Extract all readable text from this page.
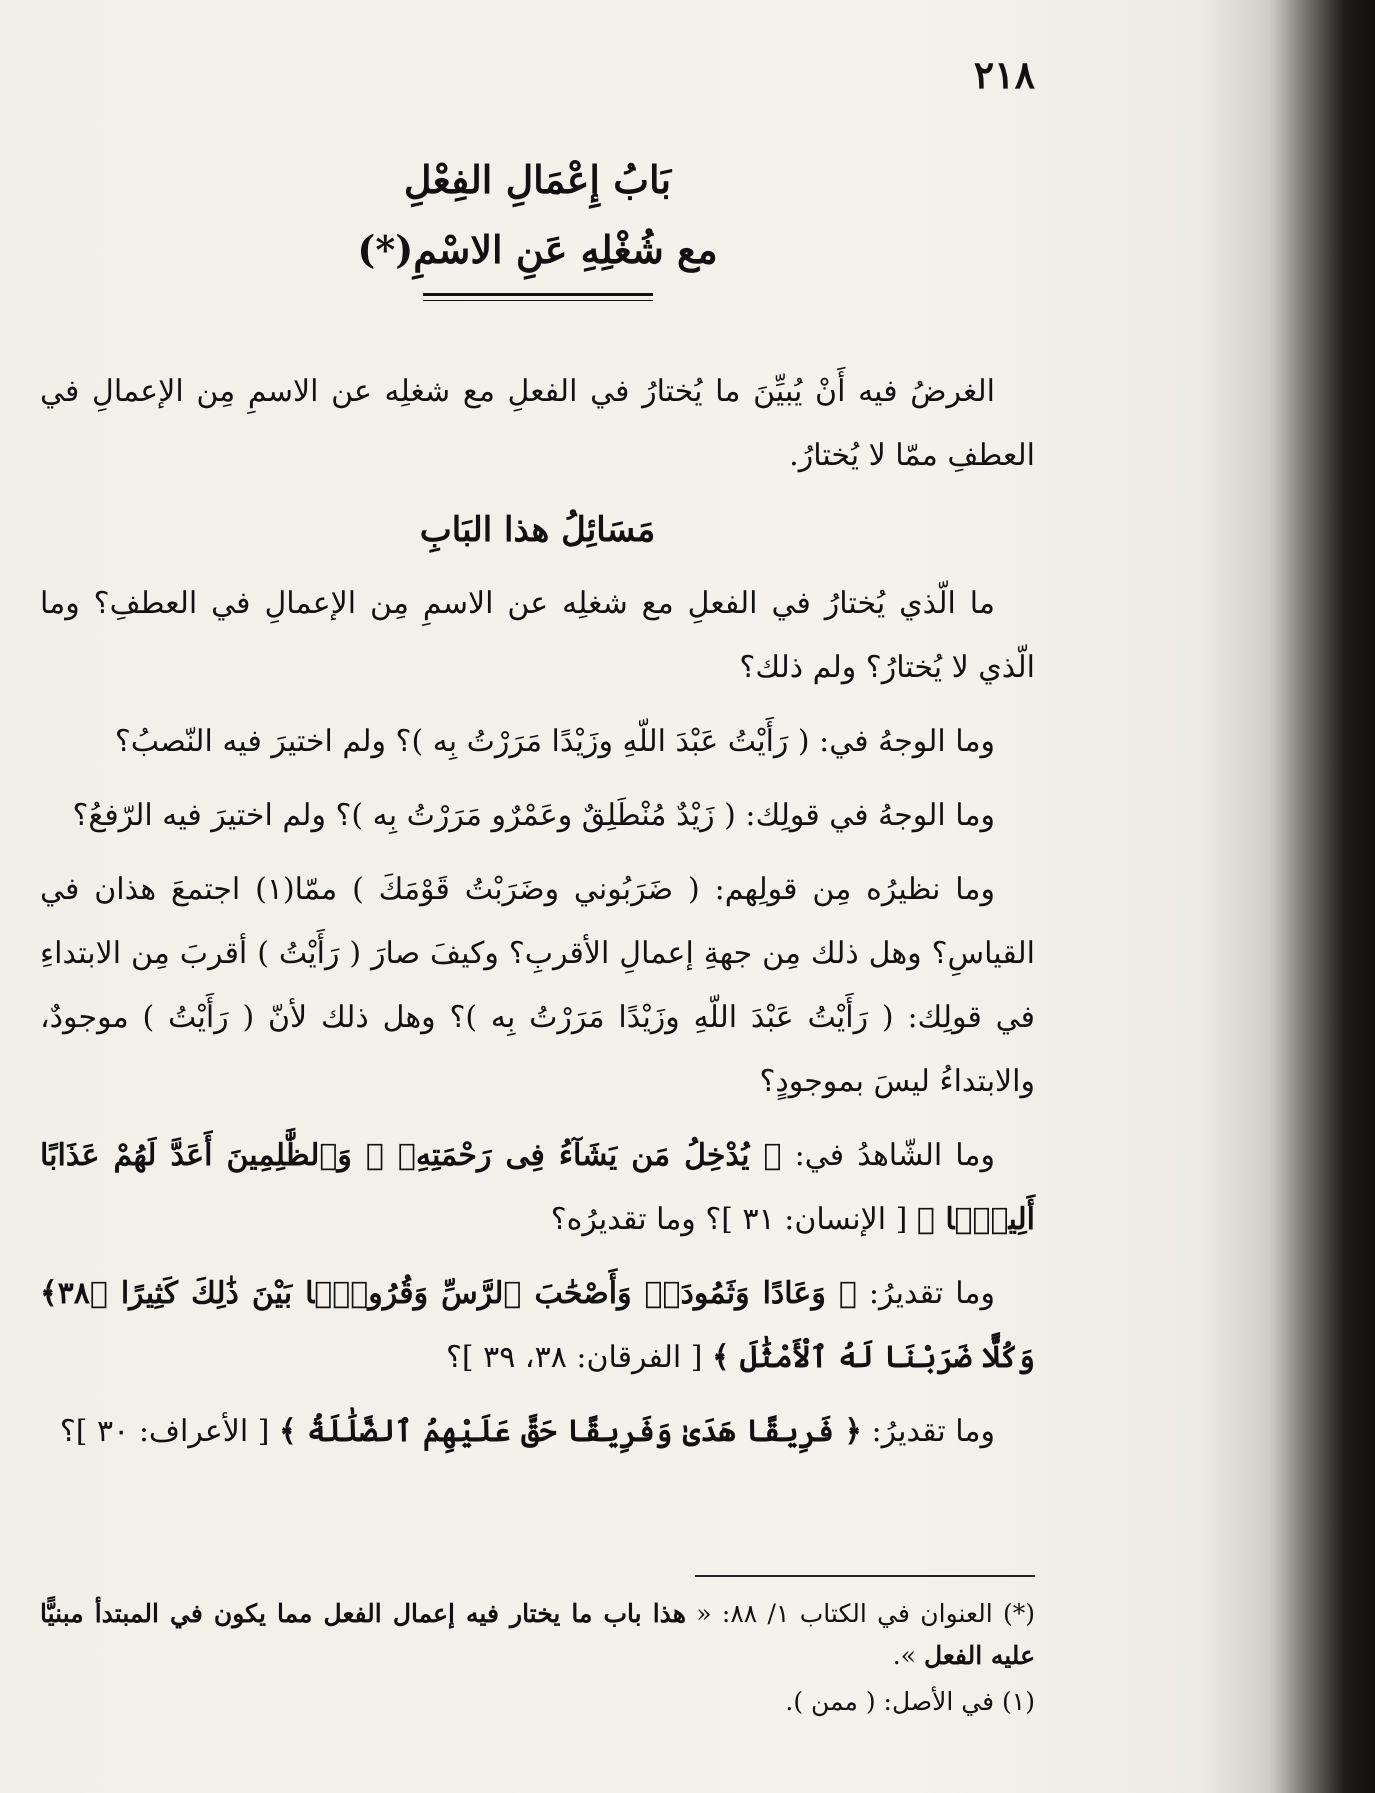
٢١٨
بَابُ إِعْمَالِ الفِعْلِ
مع شُغْلِهِ عَنِ الاسْمِ(*)

الغرضُ فيه أَنْ يُبيِّنَ ما يُختارُ في الفعلِ مع شغلِه عن الاسمِ مِن الإعمالِ في العطفِ ممّا لا يُختارُ.

مَسَائِلُ هذا البَابِ

ما الّذي يُختارُ في الفعلِ مع شغلِه عن الاسمِ مِن الإعمالِ في العطفِ؟ وما الّذي لا يُختارُ؟ ولم ذلك؟

وما الوجهُ في: ( رَأَيْتُ عَبْدَ اللّهِ وزَيْدًا مَرَرْتُ بِه )؟ ولم اختيرَ فيه النّصبُ؟

وما الوجهُ في قولِك: ( زَيْدٌ مُنْطَلِقٌ وعَمْرٌو مَرَرْتُ بِه )؟ ولم اختيرَ فيه الرّفعُ؟

وما نظيرُه مِن قولِهم: ( ضَرَبُوني وضَرَبْتُ قَوْمَكَ ) ممّا(١) اجتمعَ هذان في القياسِ؟ وهل ذلك مِن جهةِ إعمالِ الأقربِ؟ وكيفَ صارَ ( رَأَيْتُ ) أقربَ مِن الابتداءِ في قولِك: ( رَأَيْتُ عَبْدَ اللّهِ وزَيْدًا مَرَرْتُ بِه )؟ وهل ذلك لأنّ ( رَأَيْتُ ) موجودٌ، والابتداءُ ليسَ بموجودٍ؟

وما الشّاهدُ في: ﴿ يُدْخِلُ مَن يَشَآءُ فِى رَحْمَتِهِۦ ۚ وَٱلظَّٰلِمِينَ أَعَدَّ لَهُمْ عَذَابًا أَلِيمًۢا ﴾ [ الإنسان: ٣١ ]؟ وما تقديرُه؟

وما تقديرُ: ﴿ وَعَادًا وَثَمُودَا۟ وَأَصْحَٰبَ ٱلرَّسِّ وَقُرُونًۢا بَيْنَ ذَٰلِكَ كَثِيرًا ﴿٣٨﴾ وَكُلًّا ضَرَبْنَا لَهُ ٱلْأَمْثَٰلَ ﴾ [ الفرقان: ٣٨، ٣٩ ]؟

وما تقديرُ: ﴿ فَرِيقًا هَدَىٰ وَفَرِيقًا حَقَّ عَلَيْهِمُ ٱلضَّلَٰلَةُ ﴾ [ الأعراف: ٣٠ ]؟

(*) العنوان في الكتاب ١/ ٨٨: « هذا باب ما يختار فيه إعمال الفعل مما يكون في المبتدأ مبنيًّا عليه الفعل ».

(١) في الأصل: ( ممن ).
